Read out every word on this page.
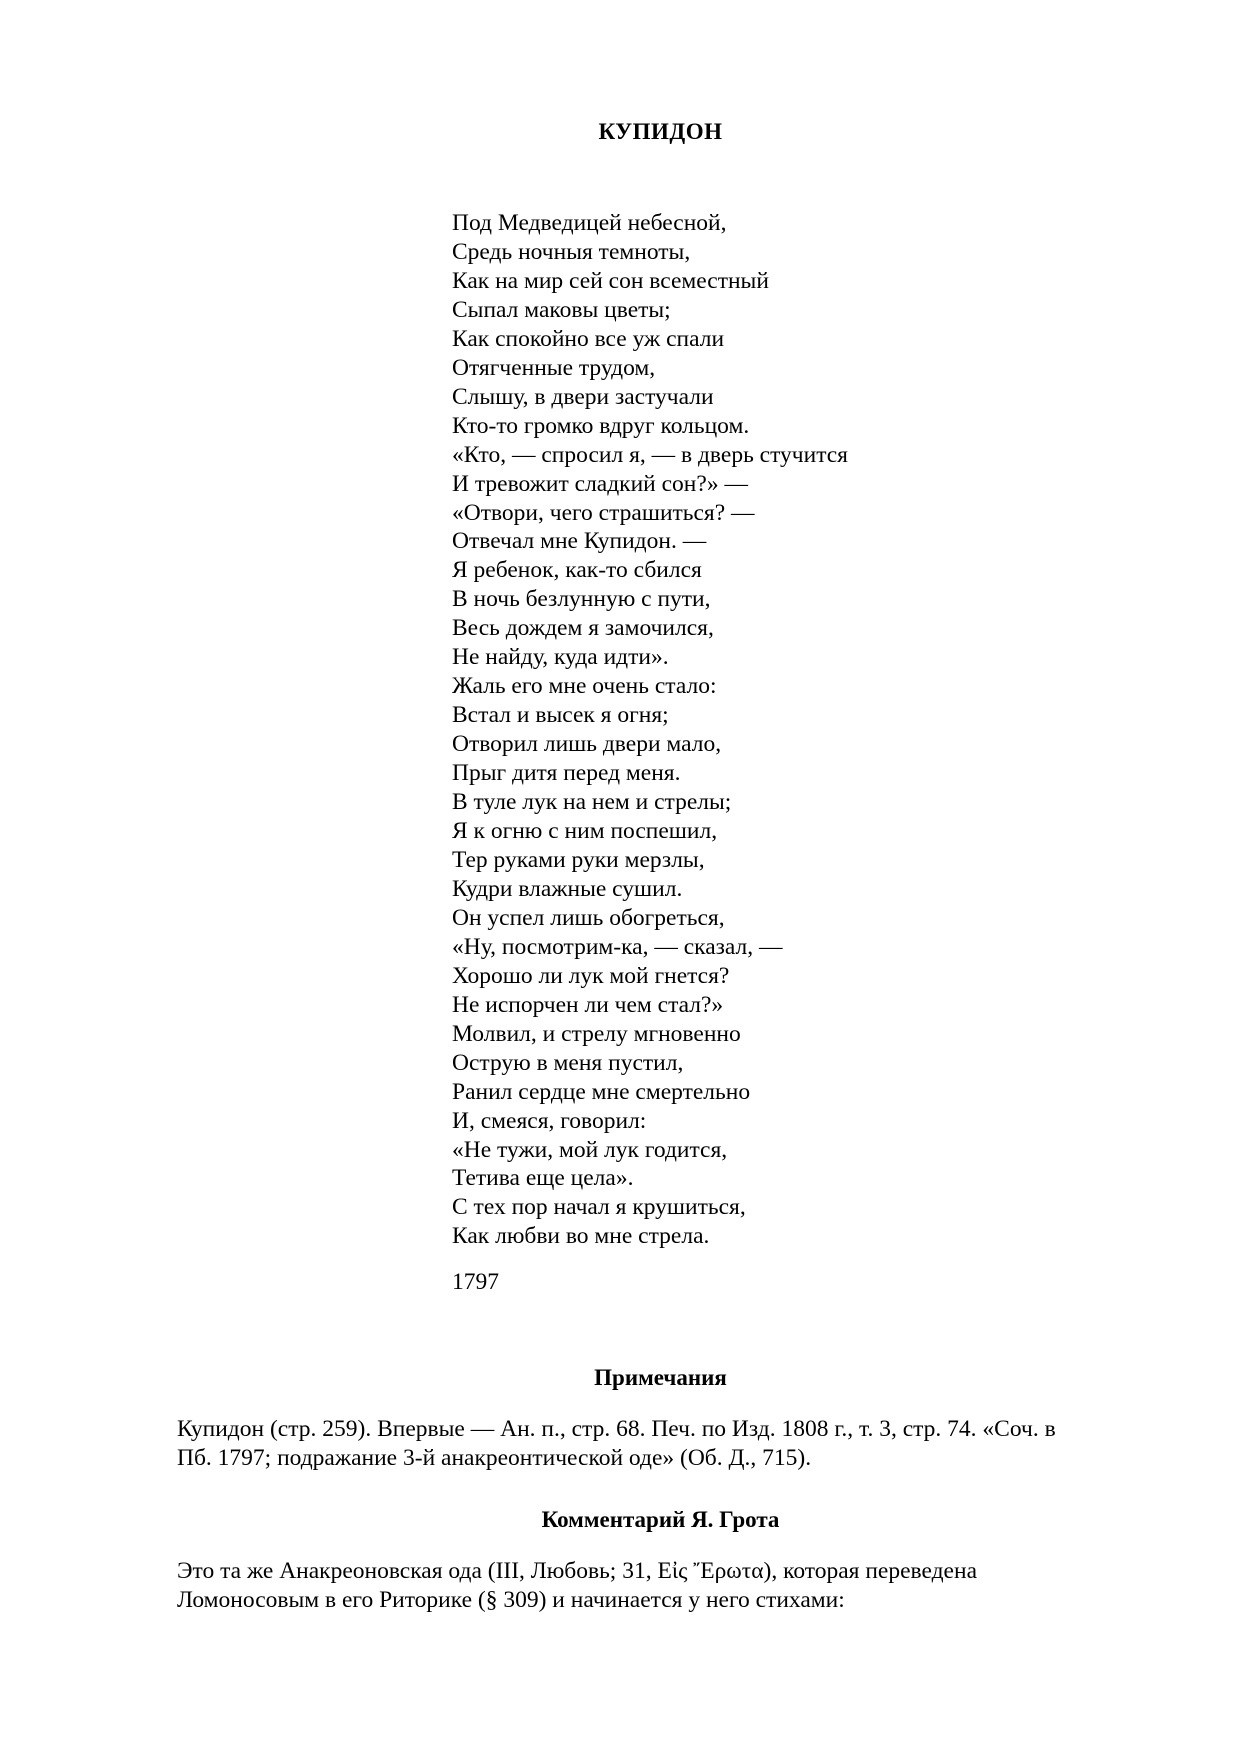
КУПИДОН
Под Медведицей небесной,
Средь ночныя темноты,
Как на мир сей сон всеместный
Сыпал маковы цветы;
Как спокойно все уж спали
Отягченные трудом,
Слышу, в двери застучали
Кто-то громко вдруг кольцом.
«Кто, — спросил я, — в дверь стучится
И тревожит сладкий сон?» —
«Отвори, чего страшиться? —
Отвечал мне Купидон. —
Я ребенок, как-то сбился
В ночь безлунную с пути,
Весь дождем я замочился,
Не найду, куда идти».
Жаль его мне очень стало:
Встал и высек я огня;
Отворил лишь двери мало,
Прыг дитя перед меня.
В туле лук на нем и стрелы;
Я к огню с ним поспешил,
Тер руками руки мерзлы,
Кудри влажные сушил.
Он успел лишь обогреться,
«Ну, посмотрим-ка, — сказал, —
Хорошо ли лук мой гнется?
Не испорчен ли чем стал?»
Молвил, и стрелу мгновенно
Острую в меня пустил,
Ранил сердце мне смертельно
И, смеяся, говорил:
«Не тужи, мой лук годится,
Тетива еще цела».
С тех пор начал я крушиться,
Как любви во мне стрела.
1797
Примечания
Купидон (стр. 259). Впервые — Ан. п., стр. 68. Печ. по Изд. 1808 г., т. 3, стр. 74. «Соч. в
Пб. 1797; подражание 3-й анакреонтической оде» (Об. Д., 715).
Комментарий Я. Грота
Это та же Анакреоновская ода (III, Любовь; 31, Εἰς Ἔρωτα), которая переведена
Ломоносовым в его Риторике (§ 309) и начинается у него стихами:
